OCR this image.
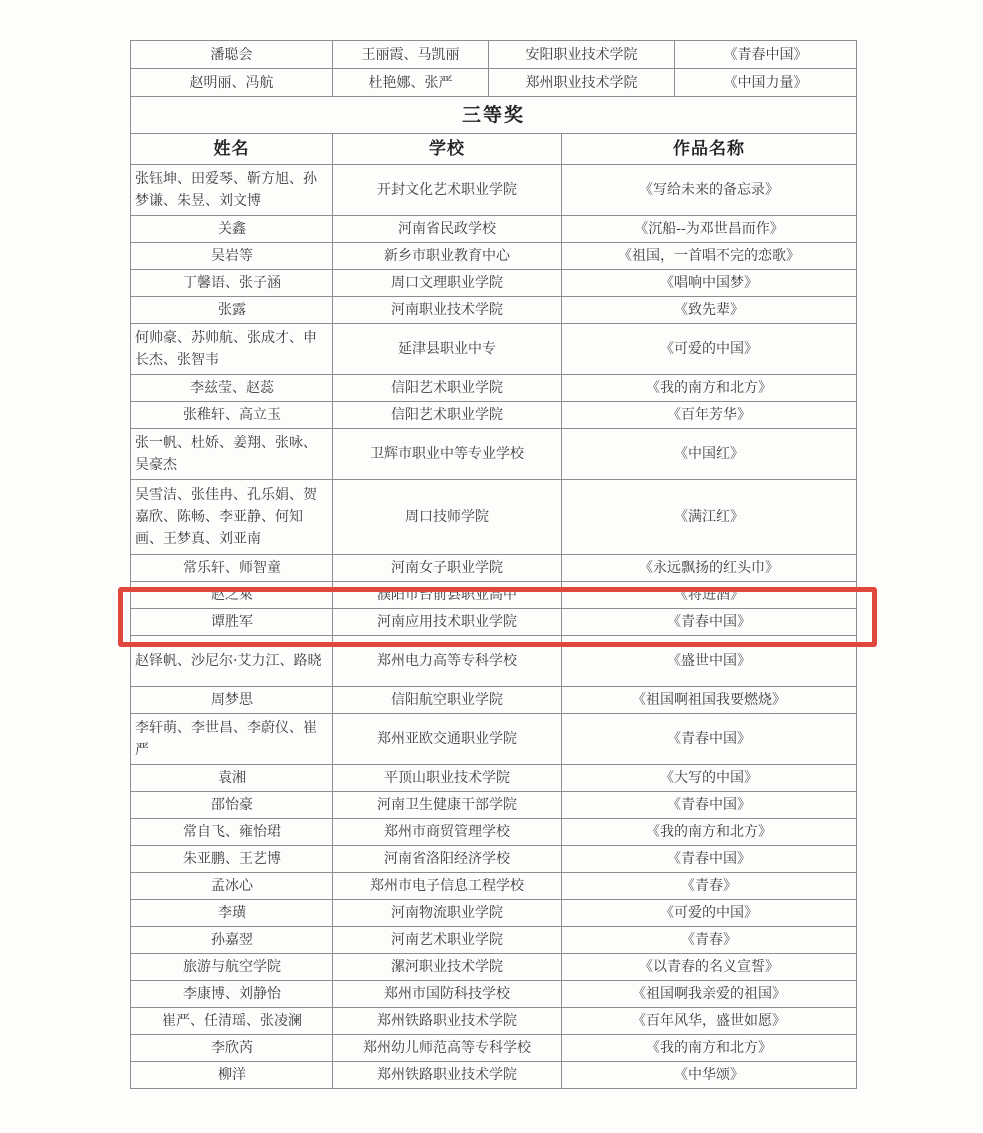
潘聪会	王丽霞、马凯丽	安阳职业技术学院	《青春中国》
赵明丽、冯航	杜艳娜、张严	郑州职业技术学院	《中国力量》
三等奖		
姓名	学校	作品名称
张钰坤、田爱琴、靳方旭、孙梦谦、朱昱、刘文博	开封文化艺术职业学院	《写给未来的备忘录》
关鑫	河南省民政学校	《沉船--为邓世昌而作》
吴岩等	新乡市职业教育中心	《祖国，一首唱不完的恋歌》
丁馨语、张子涵	周口文理职业学院	《唱响中国梦》
张露	河南职业技术学院	《致先辈》
何帅豪、苏帅航、张成才、申长杰、张智韦	延津县职业中专	《可爱的中国》
李兹莹、赵蕊	信阳艺术职业学院	《我的南方和北方》
张稚轩、高立玉	信阳艺术职业学院	《百年芳华》
张一帆、杜娇、姜翔、张咏、吴豪杰	卫辉市职业中等专业学校	《中国红》
吴雪洁、张佳冉、孔乐娟、贺嘉欣、陈畅、李亚静、何知画、王梦真、刘亚南	周口技师学院	《满江红》
常乐轩、师智童	河南女子职业学院	《永远飘扬的红头巾》
赵之萊	濮阳市台前县职业高中	《将进酒》
谭胜军	河南应用技术职业学院	《青春中国》
赵铎帆、沙尼尔·艾力江、路晓	郑州电力高等专科学校	《盛世中国》
周梦思	信阳航空职业学院	《祖国啊祖国我要燃烧》
李轩萌、李世昌、李蔚仪、崔严	郑州亚欧交通职业学院	《青春中国》
袁湘	平顶山职业技术学院	《大写的中国》
邵怡豪	河南卫生健康干部学院	《青春中国》
常自飞、雍怡珺	郑州市商贸管理学校	《我的南方和北方》
朱亚鹏、王艺博	河南省洛阳经济学校	《青春中国》
孟冰心	郑州市电子信息工程学校	《青春》
李璜	河南物流职业学院	《可爱的中国》
孙嘉翌	河南艺术职业学院	《青春》
旅游与航空学院	漯河职业技术学院	《以青春的名义宣誓》
李康博、刘静怡	郑州市国防科技学校	《祖国啊我亲爱的祖国》
崔严、任清瑶、张凌澜	郑州铁路职业技术学院	《百年风华，盛世如愿》
李欣芮	郑州幼儿师范高等专科学校	《我的南方和北方》
柳洋	郑州铁路职业技术学院	《中华颂》
